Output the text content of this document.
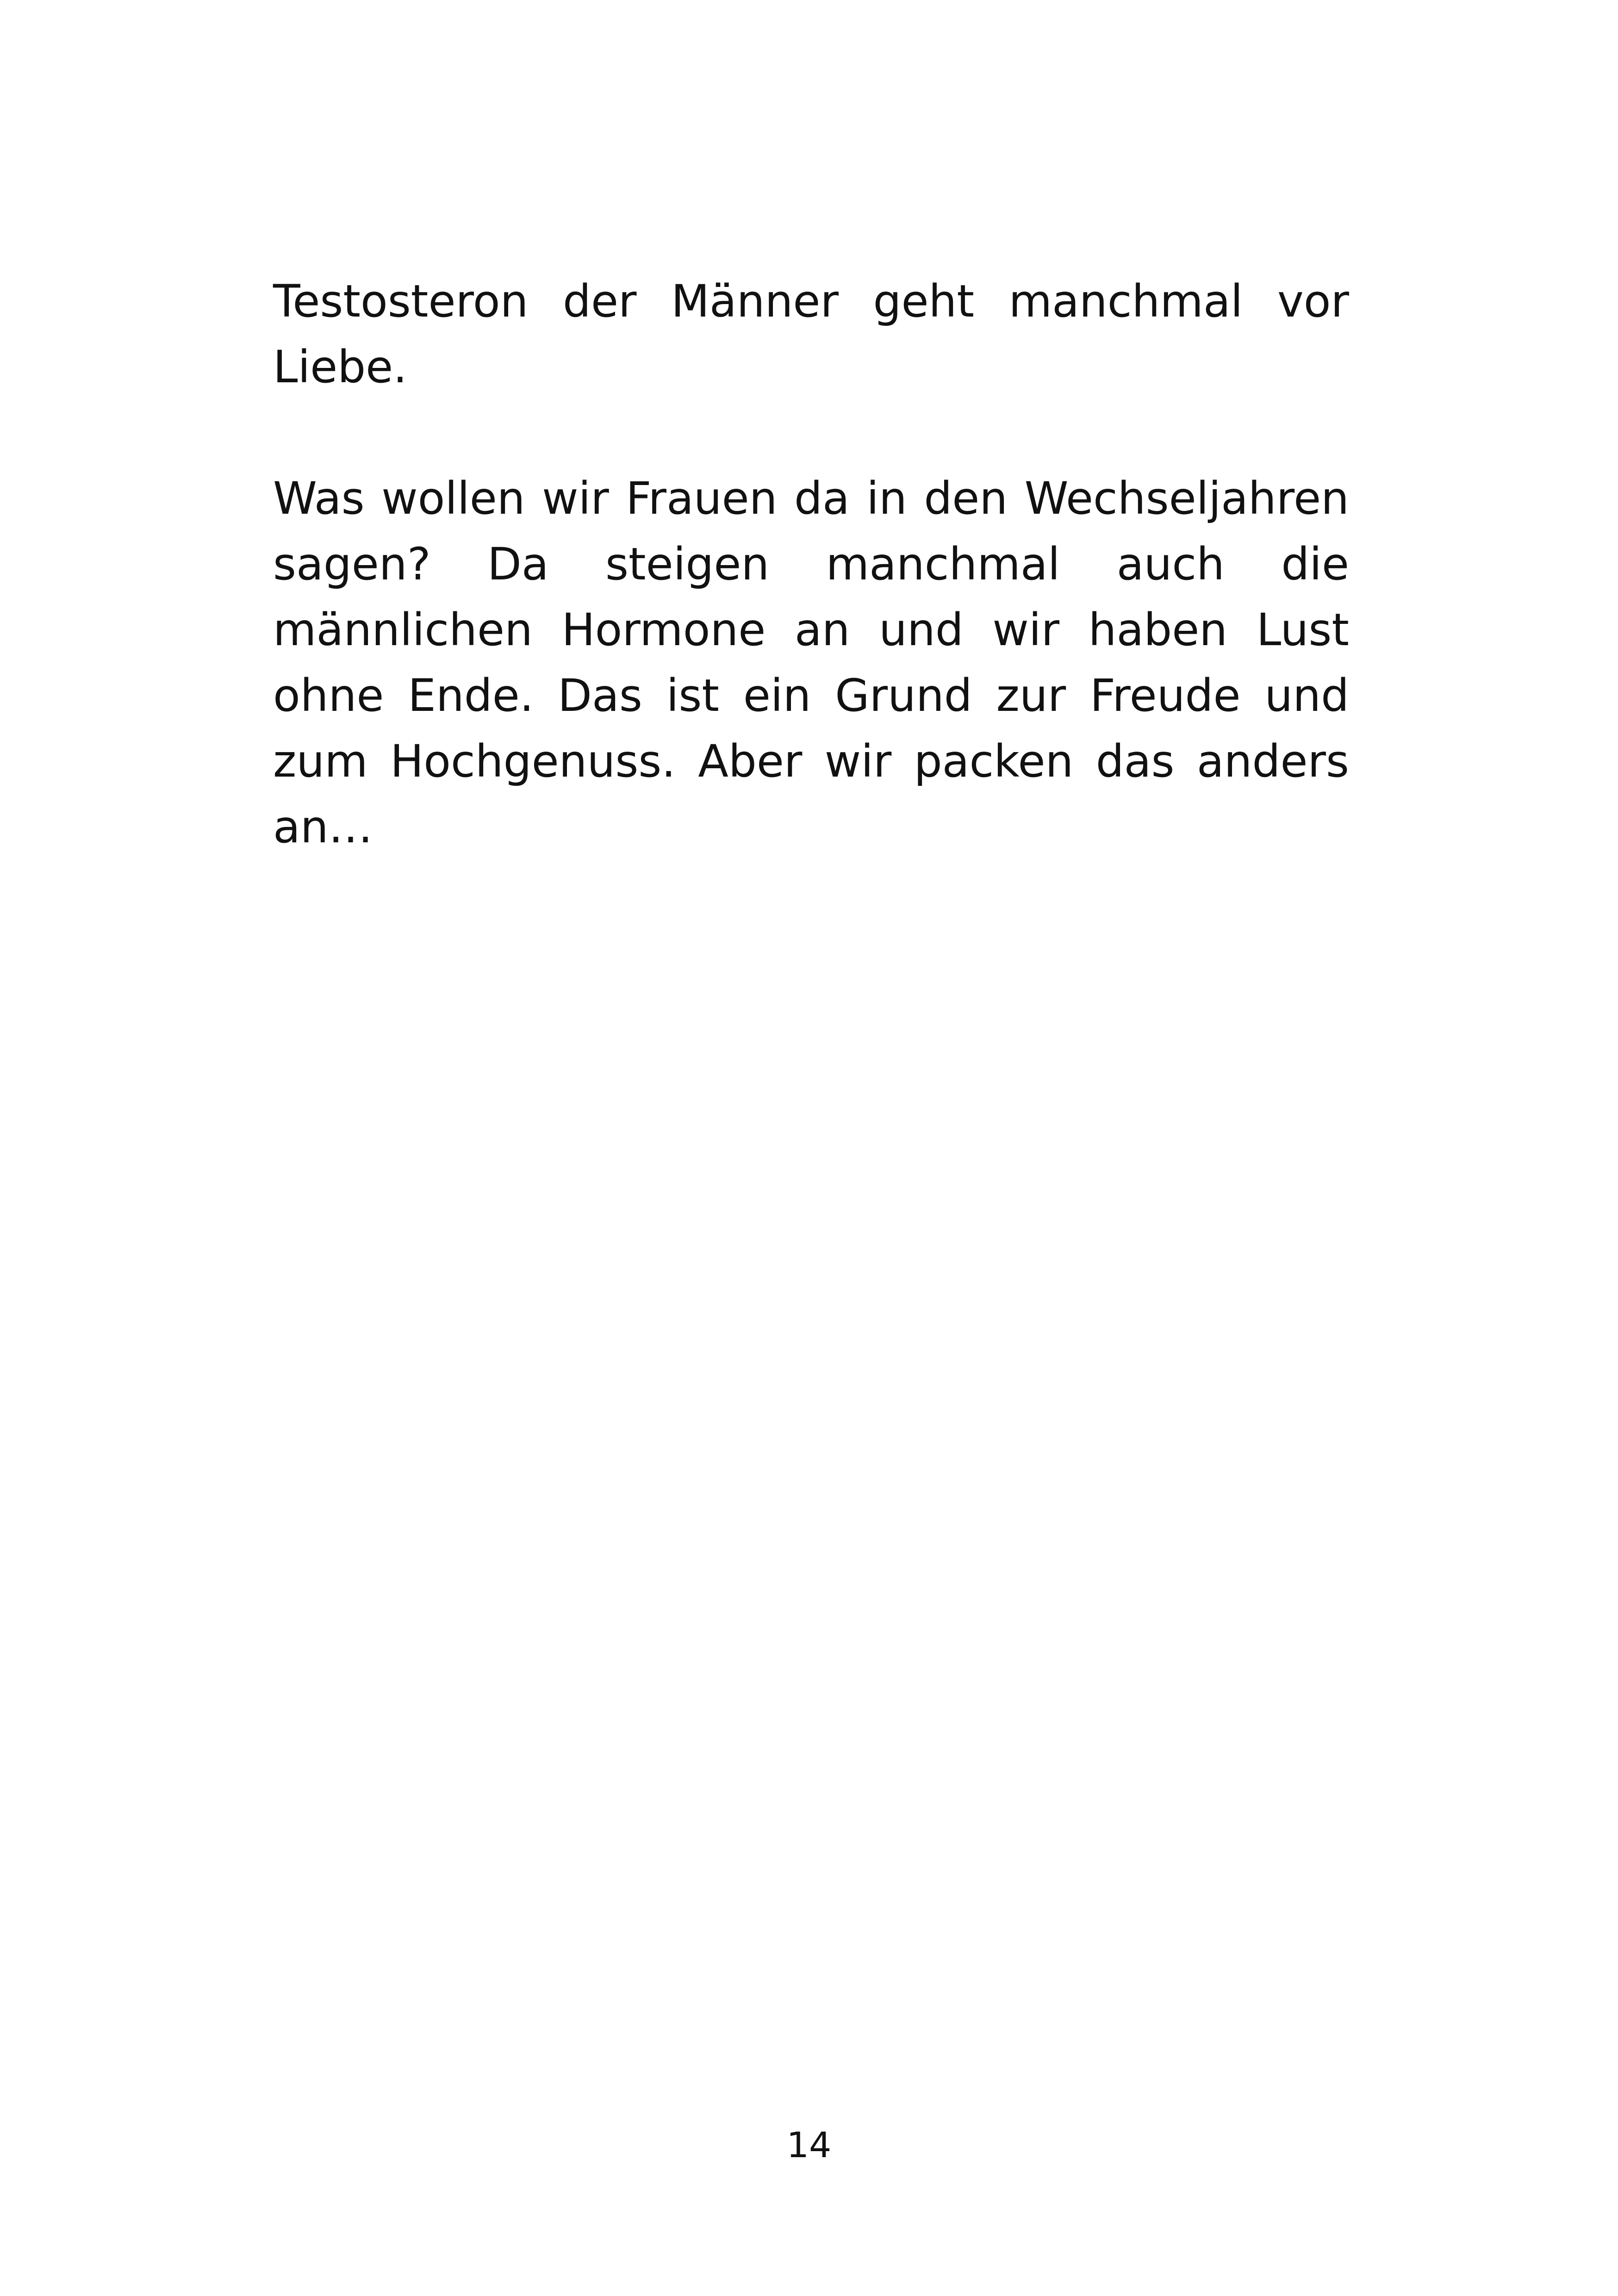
Testosteron der Männer geht manchmal vor Liebe.

Was wollen wir Frauen da in den Wechseljahren sagen? Da steigen manchmal auch die männlichen Hormone an und wir haben Lust ohne Ende. Das ist ein Grund zur Freude und zum Hochgenuss. Aber wir packen das anders an…

14
